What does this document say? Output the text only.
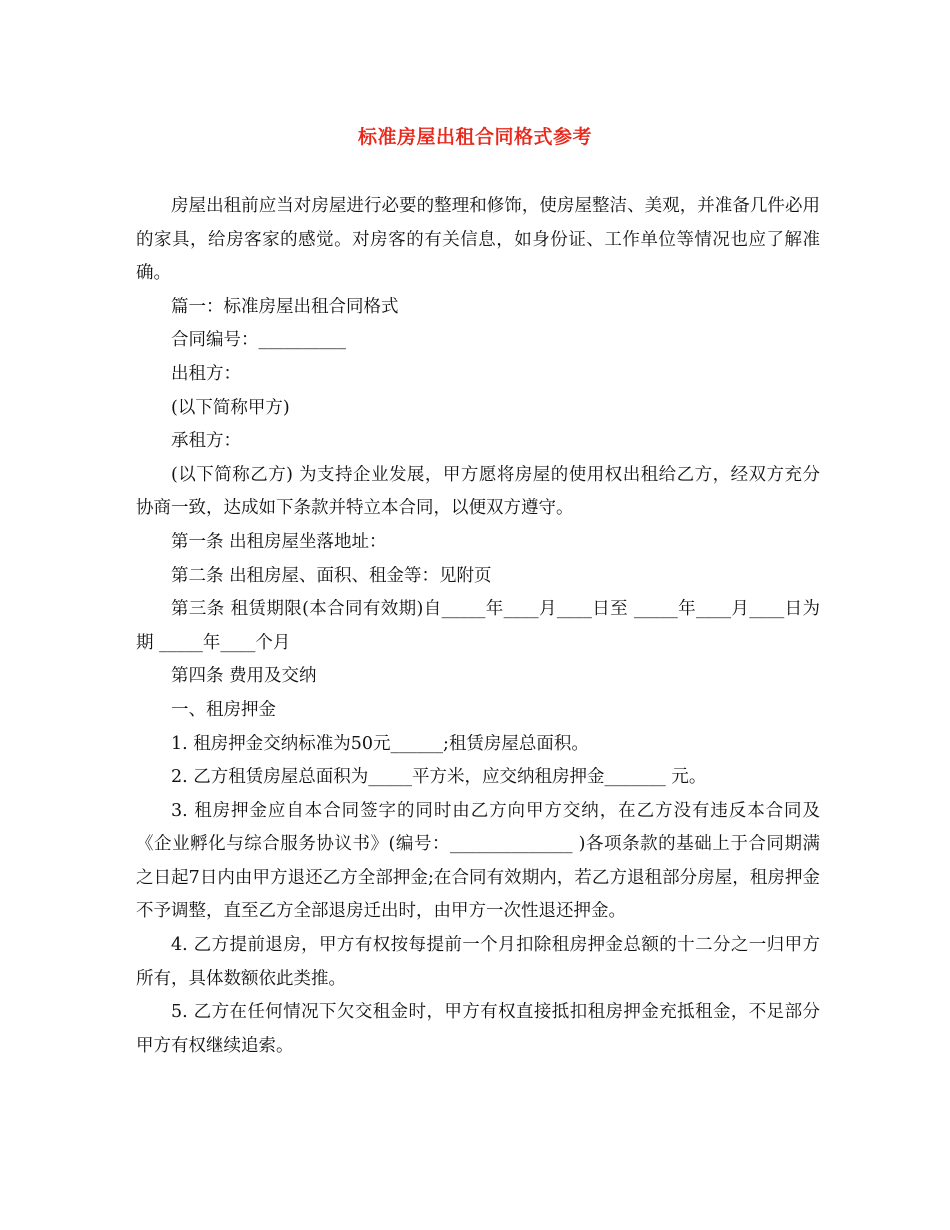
标准房屋出租合同格式参考

房屋出租前应当对房屋进行必要的整理和修饰，使房屋整洁、美观，并准备几件必用的家具，给房客家的感觉。对房客的有关信息，如身份证、工作单位等情况也应了解准确。

篇一：标准房屋出租合同格式

合同编号：__________

出租方：

(以下简称甲方)

承租方：

(以下简称乙方) 为支持企业发展，甲方愿将房屋的使用权出租给乙方，经双方充分协商一致，达成如下条款并特立本合同，以便双方遵守。

第一条 出租房屋坐落地址：

第二条 出租房屋、面积、租金等：见附页

第三条 租赁期限(本合同有效期)自_____年____月____日至 _____年____月____日为期 _____年____个月

第四条 费用及交纳

一、租房押金

1. 租房押金交纳标准为50元______;租赁房屋总面积。

2. 乙方租赁房屋总面积为_____平方米，应交纳租房押金_______ 元。

3. 租房押金应自本合同签字的同时由乙方向甲方交纳，在乙方没有违反本合同及《企业孵化与综合服务协议书》(编号：______________ )各项条款的基础上于合同期满之日起7日内由甲方退还乙方全部押金;在合同有效期内，若乙方退租部分房屋，租房押金不予调整，直至乙方全部退房迁出时，由甲方一次性退还押金。

4. 乙方提前退房，甲方有权按每提前一个月扣除租房押金总额的十二分之一归甲方所有，具体数额依此类推。

5. 乙方在任何情况下欠交租金时，甲方有权直接抵扣租房押金充抵租金，不足部分甲方有权继续追索。
